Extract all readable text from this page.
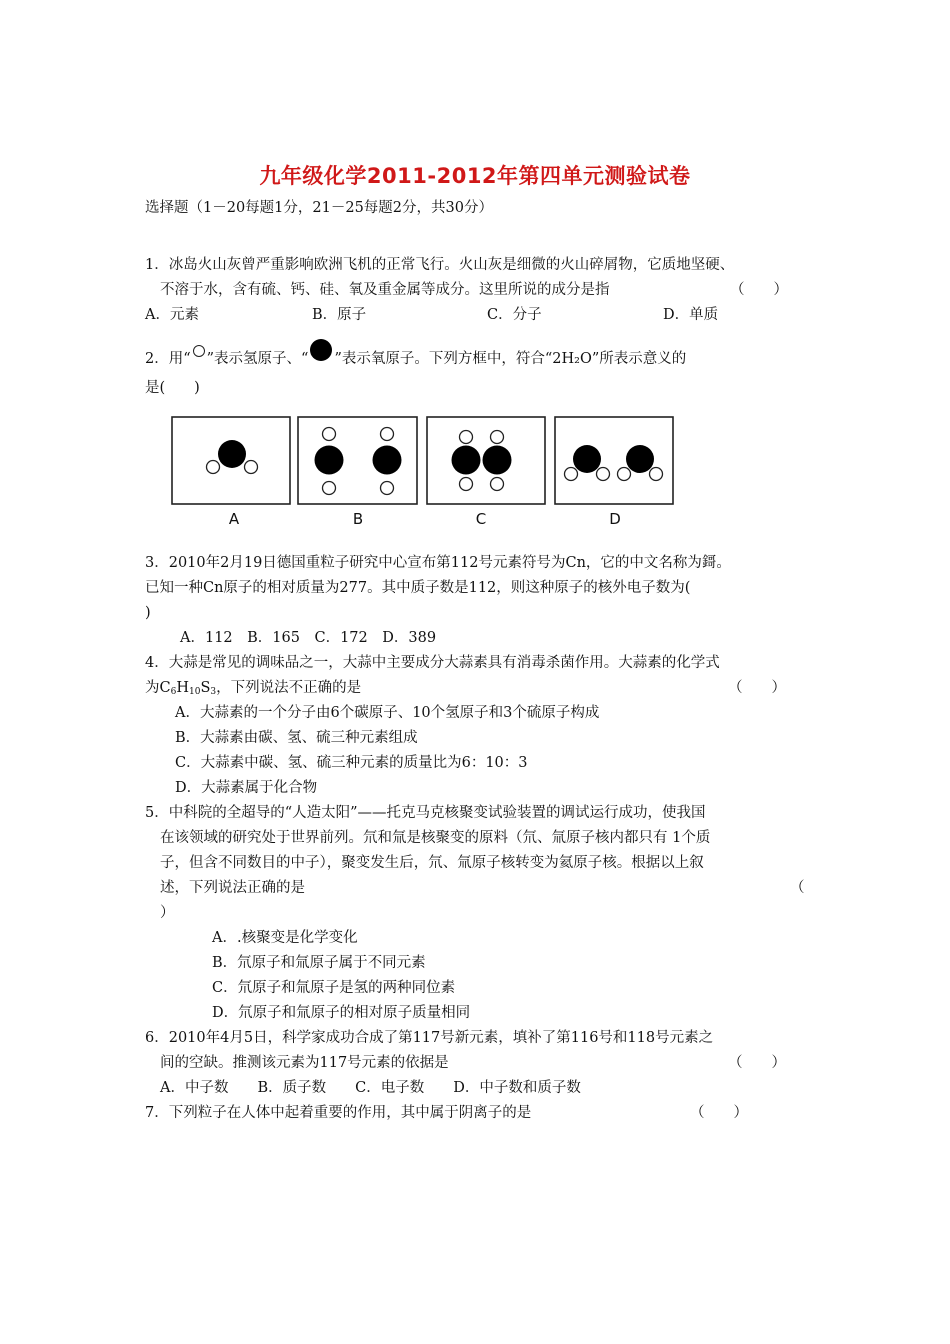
九年级化学2011-2012年第四单元测验试卷
选择题（1－20每题1分，21－25每题2分，共30分）
1．冰岛火山灰曾严重影响欧洲飞机的正常飞行。火山灰是细微的火山碎屑物，它质地坚硬、
不溶于水，含有硫、钙、硅、氧及重金属等成分。这里所说的成分是指	（　　）
A．元素	B．原子	C．分子	D．单质
2．用“ ”表示氢原子、“ ”表示氧原子。下列方框中，符合“2H₂O”所表示意义的
是(　　)
A	B	C	D
3．2010年2月19日德国重粒子研究中心宣布第112号元素符号为Cn，它的中文名称为鎶。
已知一种Cn原子的相对质量为277。其中质子数是112，则这种原子的核外电子数为(
)
A．112　B．165　C．172　D．389
4．大蒜是常见的调味品之一，大蒜中主要成分大蒜素具有消毒杀菌作用。大蒜素的化学式
为$C_6H_{10}S_3$，下列说法不正确的是	（　　）
A．大蒜素的一个分子由6个碳原子、10个氢原子和3个硫原子构成
B．大蒜素由碳、氢、硫三种元素组成
C．大蒜素中碳、氢、硫三种元素的质量比为6：10：3
D．大蒜素属于化合物
5．中科院的全超导的“人造太阳”——托克马克核聚变试验装置的调试运行成功，使我国
在该领域的研究处于世界前列。氘和氚是核聚变的原料（氘、氚原子核内都只有 1个质
子，但含不同数目的中子），聚变发生后，氘、氚原子核转变为氦原子核。根据以上叙
述，下列说法正确的是	（
）
A．.核聚变是化学变化
B．氘原子和氚原子属于不同元素
C．氘原子和氚原子是氢的两种同位素
D．氘原子和氚原子的相对原子质量相同
6．2010年4月5日，科学家成功合成了第117号新元素，填补了第116号和118号元素之
间的空缺。推测该元素为117号元素的依据是	（　　）
A．中子数　　B．质子数　　C．电子数　　D．中子数和质子数
7．下列粒子在人体中起着重要的作用，其中属于阴离子的是	（　　）
